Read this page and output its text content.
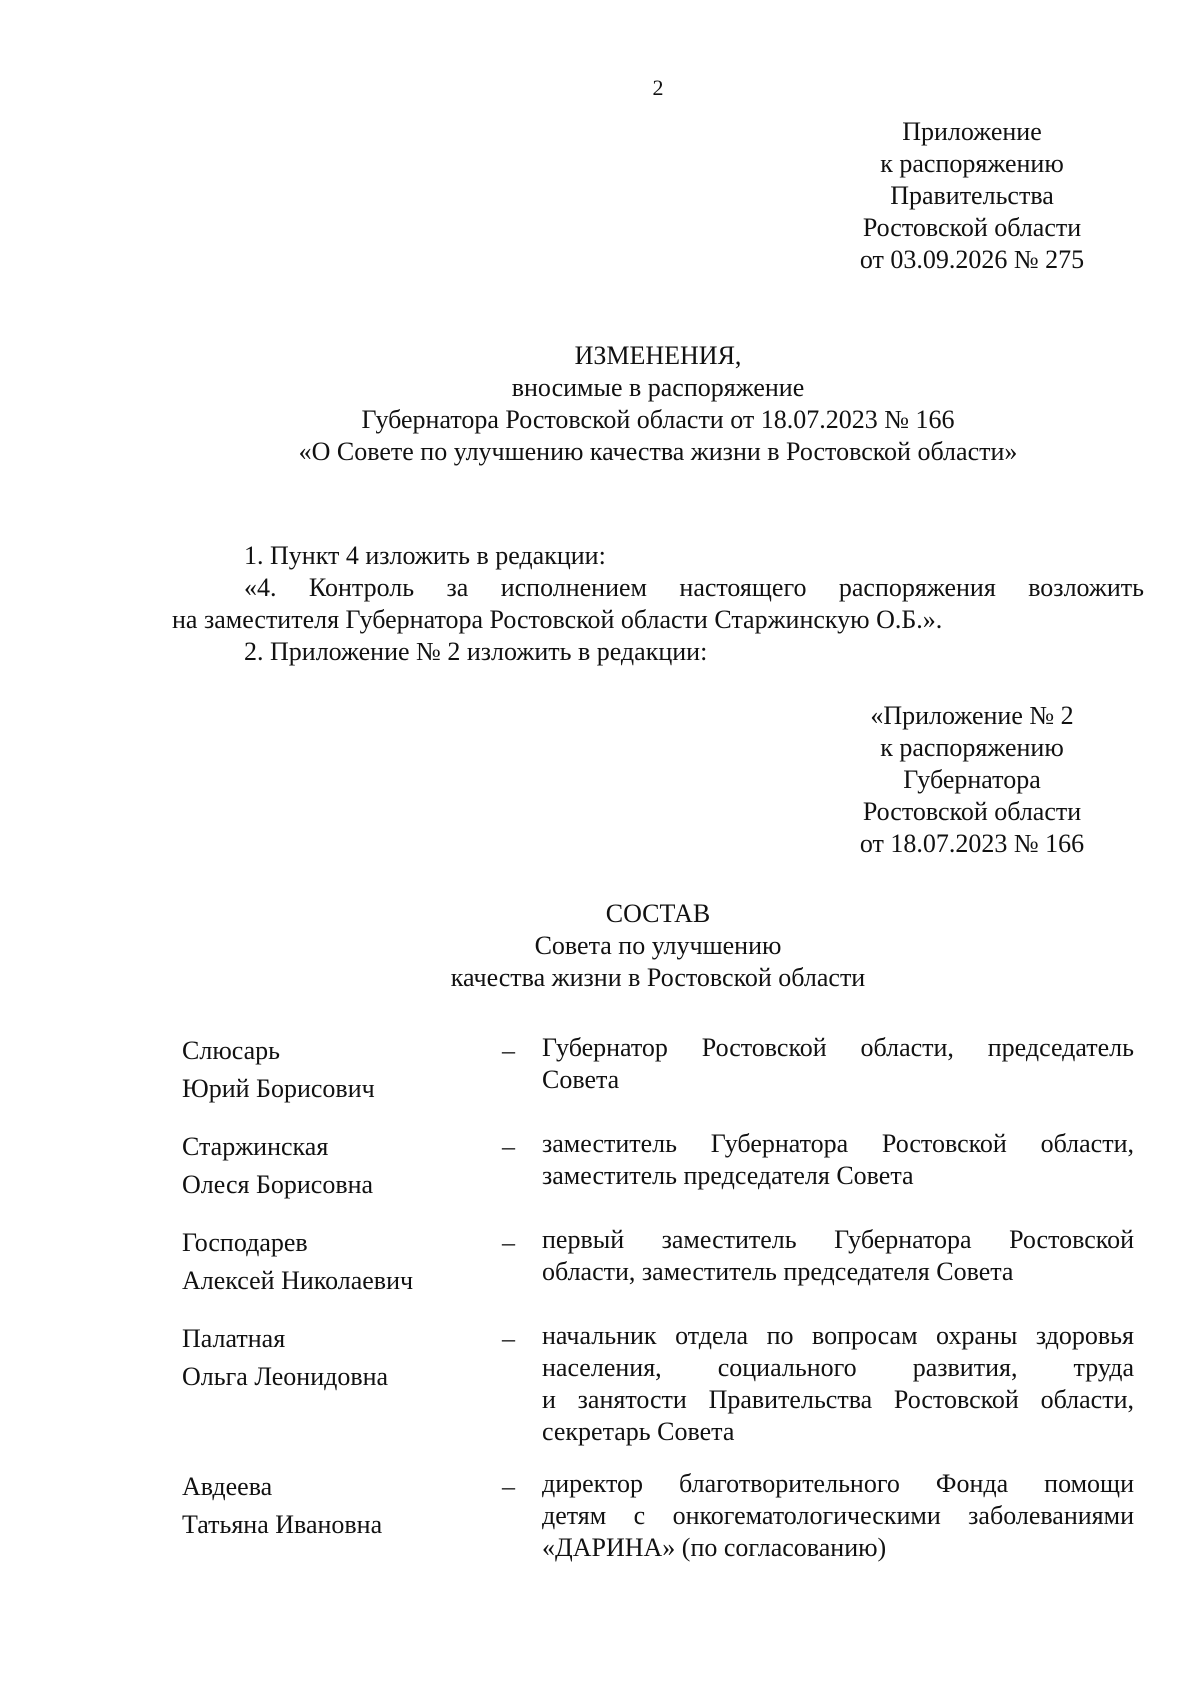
2
Приложение
к распоряжению
Правительства
Ростовской области
от 03.09.2026 № 275
ИЗМЕНЕНИЯ,
вносимые в распоряжение
Губернатора Ростовской области от 18.07.2023 № 166
«О Совете по улучшению качества жизни в Ростовской области»
1. Пункт 4 изложить в редакции:
«4. Контроль за исполнением настоящего распоряжения возложить
на заместителя Губернатора Ростовской области Старжинскую О.Б.».
2. Приложение № 2 изложить в редакции:
«Приложение № 2
к распоряжению
Губернатора
Ростовской области
от 18.07.2023 № 166
СОСТАВ
Совета по улучшению
качества жизни в Ростовской области
Слюсарь
Юрий Борисович
–	Губернатор Ростовской области, председатель
Совета
Старжинская
Олеся Борисовна
–	заместитель Губернатора Ростовской области,
заместитель председателя Совета
Господарев
Алексей Николаевич
–	первый заместитель Губернатора Ростовской
области, заместитель председателя Совета
Палатная
Ольга Леонидовна
–	начальник отдела по вопросам охраны здоровья
населения, социального развития, труда
и занятости Правительства Ростовской области,
секретарь Совета
Авдеева
Татьяна Ивановна
–	директор благотворительного Фонда помощи
детям с онкогематологическими заболеваниями
«ДАРИНА» (по согласованию)
